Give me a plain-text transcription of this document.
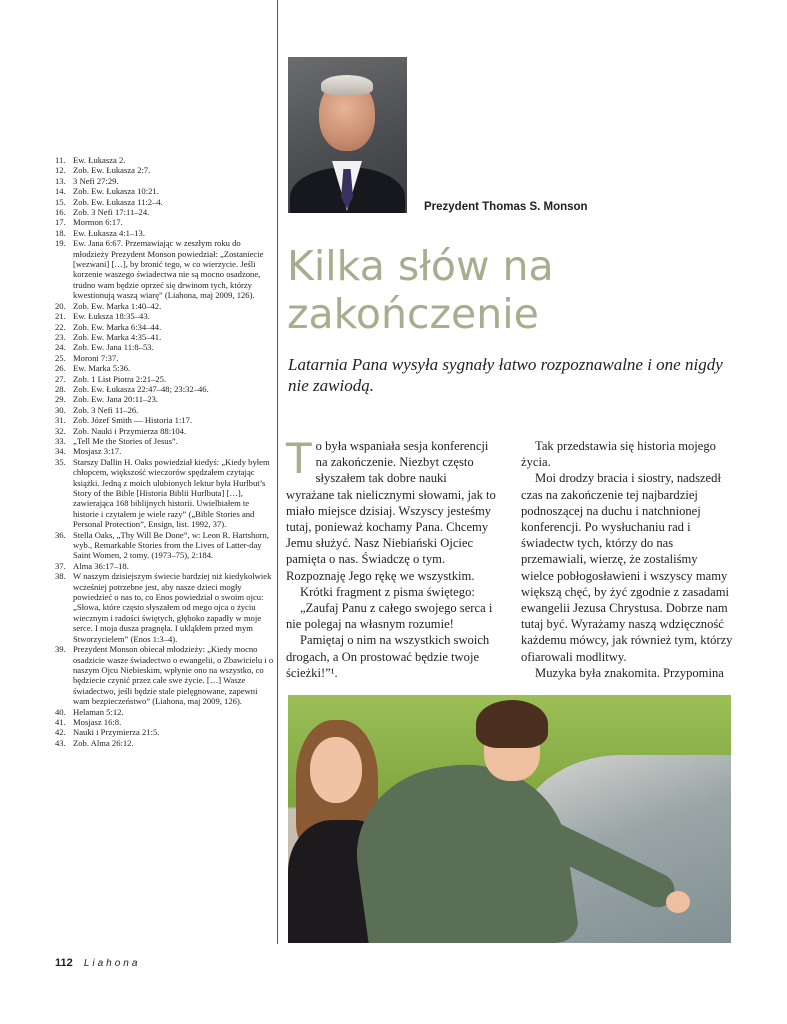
11. Ew. Łukasza 2.
12. Zob. Ew. Łukasza 2:7.
13. 3 Nefi 27:29.
14. Zob. Ew. Łukasza 10:21.
15. Zob. Ew. Łukasza 11:2–4.
16. Zob. 3 Nefi 17:11–24.
17. Mormon 6:17.
18. Ew. Łukasza 4:1–13.
19. Ew. Jana 6:67. Przemawiając w zeszłym roku do młodzieży Prezydent Monson powiedział: „Zostaniecie [wezwani] […], by bronić tego, w co wierzycie. Jeśli korzenie waszego świadectwa nie są mocno osadzone, trudno wam będzie oprzeć się drwinom tych, którzy kwestionują waszą wiarę” (Liahona, maj 2009, 126).
20. Zob. Ew. Marka 1:40–42.
21. Ew. Łuksza 18:35–43.
22. Zob. Ew. Marka 6:34–44.
23. Zob. Ew. Marka 4:35–41.
24. Zob. Ew. Jana 11:8–53.
25. Moroni 7:37.
26. Ew. Marka 5:36.
27. Zob. 1 List Piotra 2:21–25.
28. Zob. Ew. Łukasza 22:47–48; 23:32–46.
29. Zob. Ew. Jana 20:11–23.
30. Zob. 3 Nefi 11–26.
31. Zob. Józef Smith — Historia 1:17.
32. Zob. Nauki i Przymierza 88:104.
33. „Tell Me the Stories of Jesus”.
34. Mosjasz 3:17.
35. Starszy Dallin H. Oaks powiedział kiedyś: „Kiedy byłem chłopcem, większość wieczorów spędzałem czytając książki. Jedną z moich ulubionych lektur była Hurlbut’s Story of the Bible [Historia Biblii Hurlbuta] […], zawierająca 168 biblijnych historii. Uwielbiałem te historie i czytałem je wiele razy” („Bible Stories and Personal Protection”, Ensign, list. 1992, 37).
36. Stella Oaks, „Thy Will Be Done”, w: Leon R. Hartshorn, wyb., Remarkable Stories from the Lives of Latter-day Saint Women, 2 tomy. (1973–75), 2:184.
37. Alma 36:17–18.
38. W naszym dzisiejszym świecie bardziej niż kiedykolwiek wcześniej potrzebne jest, aby nasze dzieci mogły powiedzieć o nas to, co Enos powiedział o swoim ojcu: „Słowa, które często słyszałem od mego ojca o życiu wiecznym i radości świętych, głęboko zapadły w moje serce. I moja dusza pragnęła. I ukląkłem przed mym Stworzycielem” (Enos 1:3–4).
39. Prezydent Monson obiecał młodzieży: „Kiedy mocno osadzicie wasze świadectwo o ewangelii, o Zbawicielu i o naszym Ojcu Niebieskim, wpłynie ono na wszystko, co będziecie czynić przez całe swe życie. […] Wasze świadectwo, jeśli będzie stale pielęgnowane, zapewni wam bezpieczeństwo” (Liahona, maj 2009, 126).
40. Helaman 5:12.
41. Mosjasz 16:8.
42. Nauki i Przymierza 21:5.
43. Zob. Alma 26:12.
112 Liahona
Prezydent Thomas S. Monson
Kilka słów na zakończenie
Latarnia Pana wysyła sygnały łatwo rozpoznawalne i one nigdy nie zawiodą.

To była wspaniała sesja konferencji na zakończenie. Niezbyt często słyszałem tak dobre nauki wyrażane tak nielicznymi słowami, jak to miało miejsce dzisiaj. Wszyscy jesteśmy tutaj, ponieważ kochamy Pana. Chcemy Jemu służyć. Nasz Niebiański Ojciec pamięta o nas. Świadczę o tym. Rozpoznaję Jego rękę we wszystkim.

Krótki fragment z pisma świętego:

„Zaufaj Panu z całego swojego serca i nie polegaj na własnym rozumie!

Pamiętaj o nim na wszystkich swoich drogach, a On prostować będzie twoje ścieżki!”¹.

Tak przedstawia się historia mojego życia.

Moi drodzy bracia i siostry, nadszedł czas na zakończenie tej najbardziej podnoszącej na duchu i natchnionej konferencji. Po wysłuchaniu rad i świadectw tych, którzy do nas przemawiali, wierzę, że zostaliśmy wielce pobłogosławieni i wszyscy mamy większą chęć, by żyć zgodnie z zasadami ewangelii Jezusa Chrystusa. Dobrze nam tutaj być. Wyrażamy naszą wdzięczność każdemu mówcy, jak również tym, którzy ofiarowali modlitwy.

Muzyka była znakomita. Przypomina
